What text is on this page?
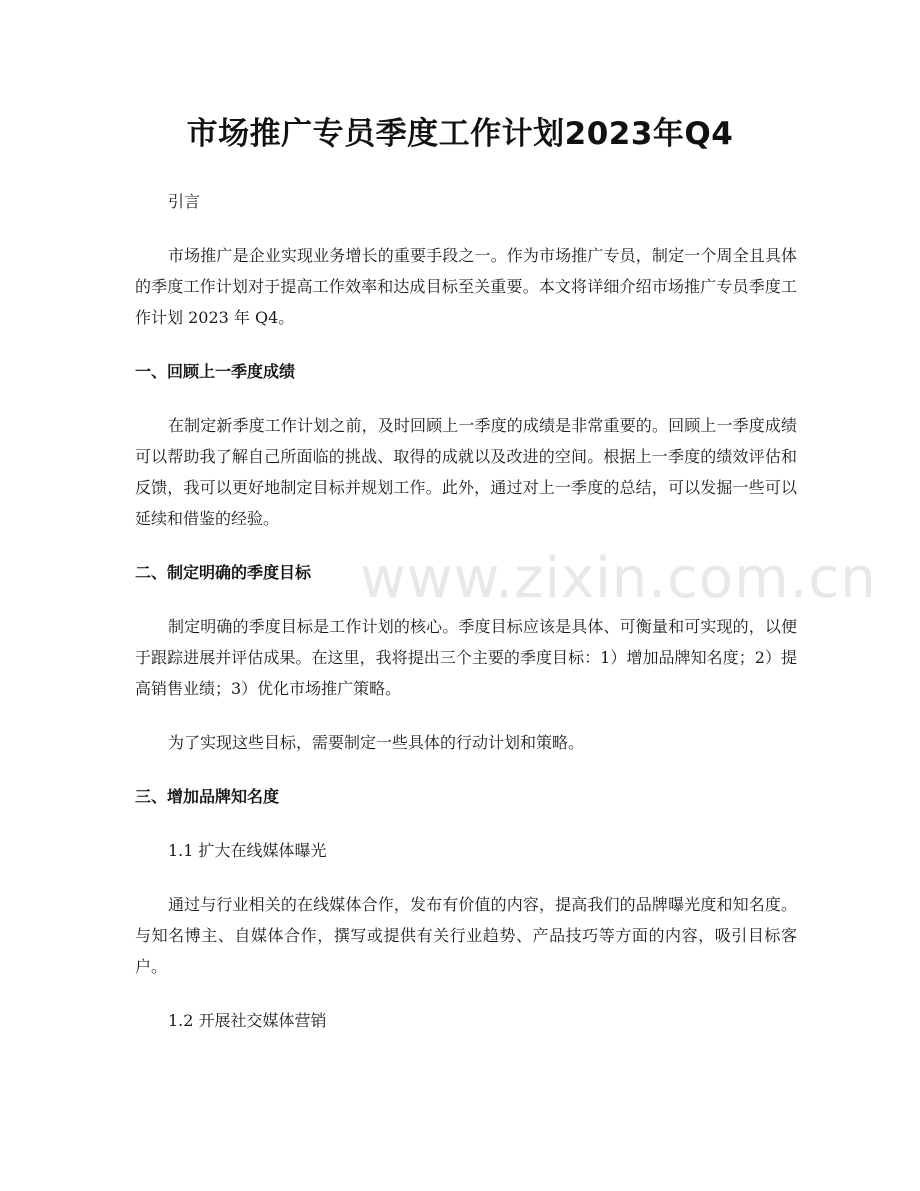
市场推广专员季度工作计划2023年Q4

引言

市场推广是企业实现业务增长的重要手段之一。作为市场推广专员，制定一个周全且具体的季度工作计划对于提高工作效率和达成目标至关重要。本文将详细介绍市场推广专员季度工作计划 2023 年 Q4。

一、回顾上一季度成绩

在制定新季度工作计划之前，及时回顾上一季度的成绩是非常重要的。回顾上一季度成绩可以帮助我了解自己所面临的挑战、取得的成就以及改进的空间。根据上一季度的绩效评估和反馈，我可以更好地制定目标并规划工作。此外，通过对上一季度的总结，可以发掘一些可以延续和借鉴的经验。

二、制定明确的季度目标

制定明确的季度目标是工作计划的核心。季度目标应该是具体、可衡量和可实现的，以便于跟踪进展并评估成果。在这里，我将提出三个主要的季度目标：1）增加品牌知名度；2）提高销售业绩；3）优化市场推广策略。

为了实现这些目标，需要制定一些具体的行动计划和策略。

三、增加品牌知名度

1.1 扩大在线媒体曝光

通过与行业相关的在线媒体合作，发布有价值的内容，提高我们的品牌曝光度和知名度。与知名博主、自媒体合作，撰写或提供有关行业趋势、产品技巧等方面的内容，吸引目标客户。

1.2 开展社交媒体营销

www.zixin.com.cn
